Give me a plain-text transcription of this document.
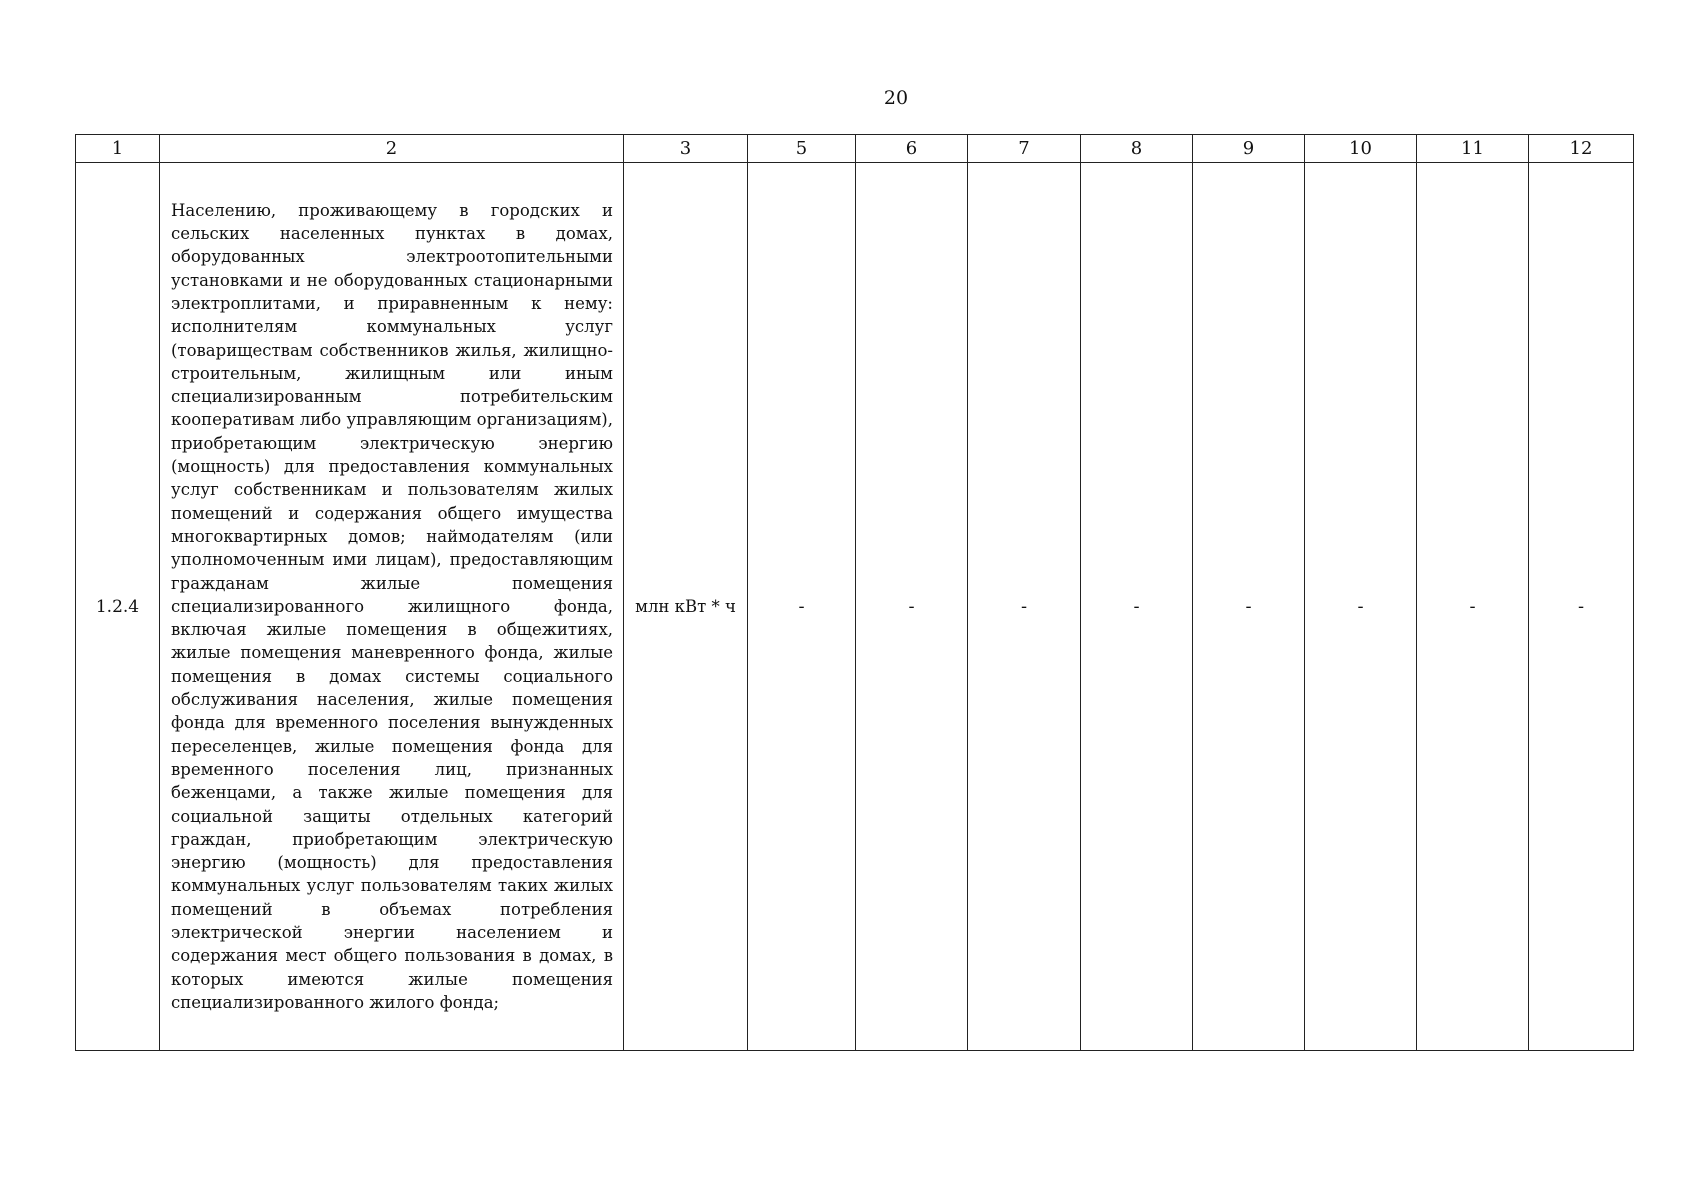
20
1	2	3	5	6	7	8	9	10	11	12
1.2.4	Населению, проживающему в городских и сельских населенных пунктах в домах, оборудованных электроотопительными установками и не оборудованных стационарными электроплитами, и приравненным к нему: исполнителям коммунальных услуг (товариществам собственников жилья, жилищно-строительным, жилищным или иным специализированным потребительским кооперативам либо управляющим организациям), приобретающим электрическую энергию (мощность) для предоставления коммунальных услуг собственникам и пользователям жилых помещений и содержания общего имущества многоквартирных домов; наймодателям (или уполномоченным ими лицам), предоставляющим гражданам жилые помещения специализированного жилищного фонда, включая жилые помещения в общежитиях, жилые помещения маневренного фонда, жилые помещения в домах системы социального обслуживания населения, жилые помещения фонда для временного поселения вынужденных переселенцев, жилые помещения фонда для временного поселения лиц, признанных беженцами, а также жилые помещения для социальной защиты отдельных категорий граждан, приобретающим электрическую энергию (мощность) для предоставления коммунальных услуг пользователям таких жилых помещений в объемах потребления электрической энергии населением и содержания мест общего пользования в домах, в которых имеются жилые помещения специализированного жилого фонда;	млн кВт * ч	-	-	-	-	-	-	-	-
